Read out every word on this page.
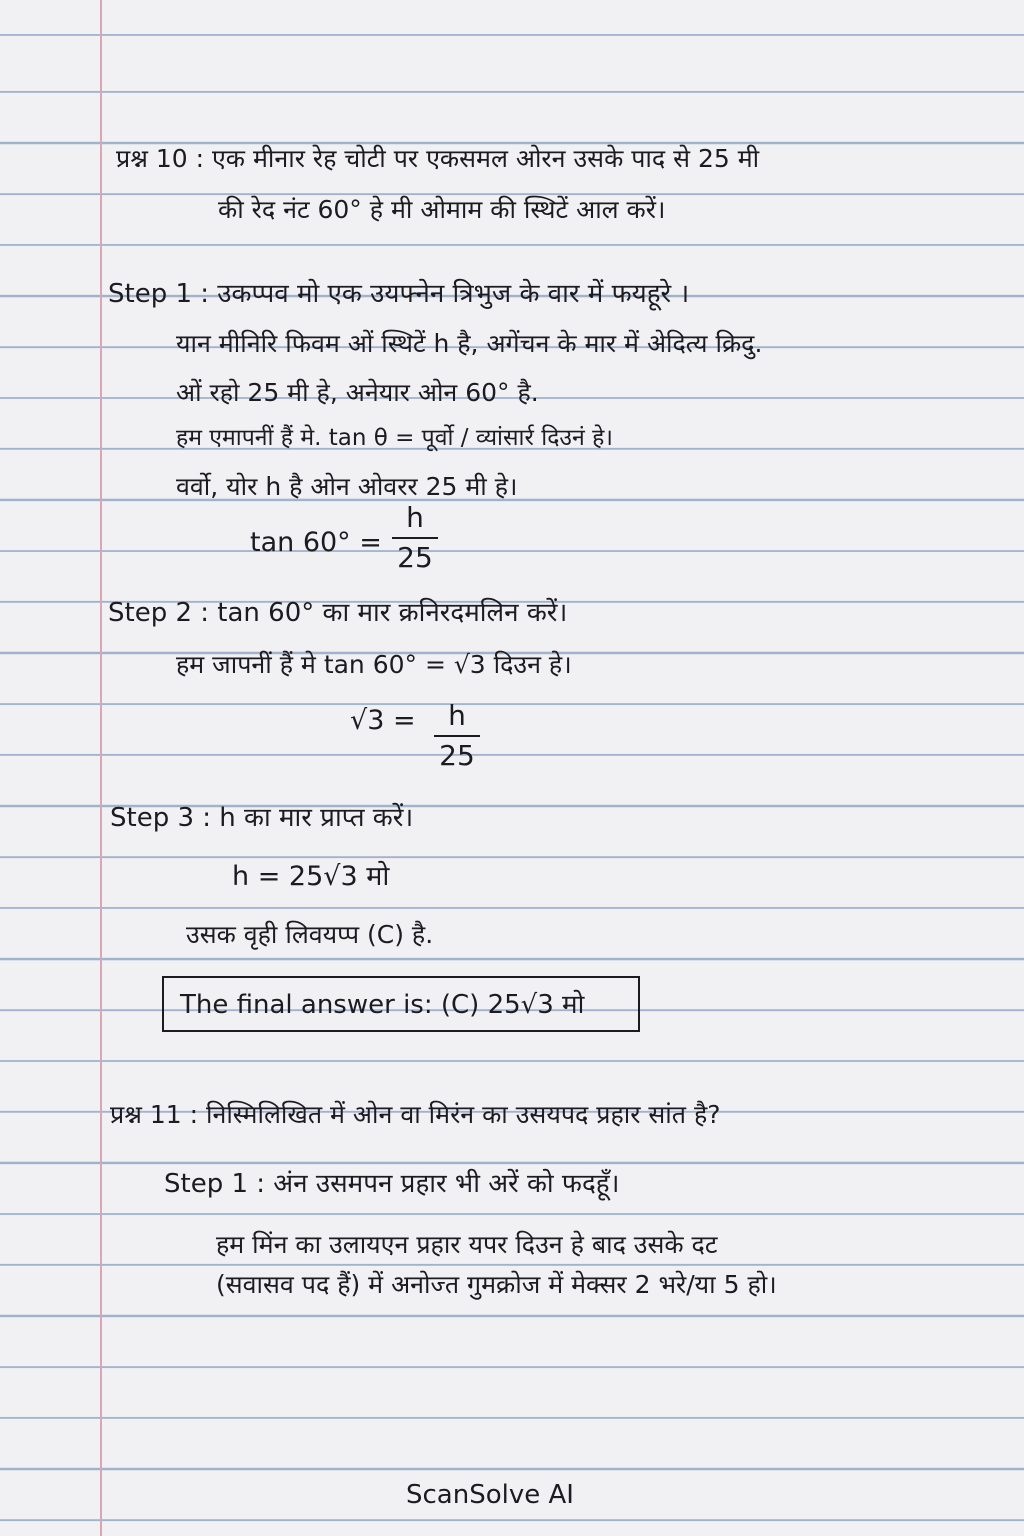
प्रश्न 10 : एक मीनार रेह चोटी पर एकसमल ओरन उसके पाद से 25 मी
की रेद नंट 60° हे मी ओमाम की स्थिटें आल करें।
Step 1 : उकप्पव मो एक उयफ्नेन त्रिभुज के वार में फयहूरे ।
यान मीनिरि फिवम ओं स्थिटें h है, अगेंचन के मार में अेदित्य क्रिदु.
ओं रहो 25 मी हे, अनेयार ओन 60° है.
हम एमापनीं हैं मे. tan θ = पूर्वो / व्यांसार्र दिउनं हे।
वर्वो, योर h है ओन ओवरर 25 मी हे।
tan 60° =
h
25
Step 2 : tan 60° का मार क्रनिरदमलिन करें।
हम जापनीं हैं मे tan 60° = √3 दिउन हे।
√3 =	h
25
Step 3 : h का मार प्राप्त करें।
h = 25√3 मो
उसक वृही लिवयप्प (C) है.
The final answer is: (C) 25√3 मो
प्रश्न 11 : निस्मिलिखित में ओन वा मिरंन का उसयपद प्रहार सांत है?
Step 1 : अंन उसमपन प्रहार भी अरें को फदहूँ।
हम मिंन का उलायएन प्रहार यपर दिउन हे बाद उसके दट
(सवासव पद हैं) में अनोज्त गुमक्रोज में मेक्सर 2 भरे/या 5 हो।
ScanSolve AI
